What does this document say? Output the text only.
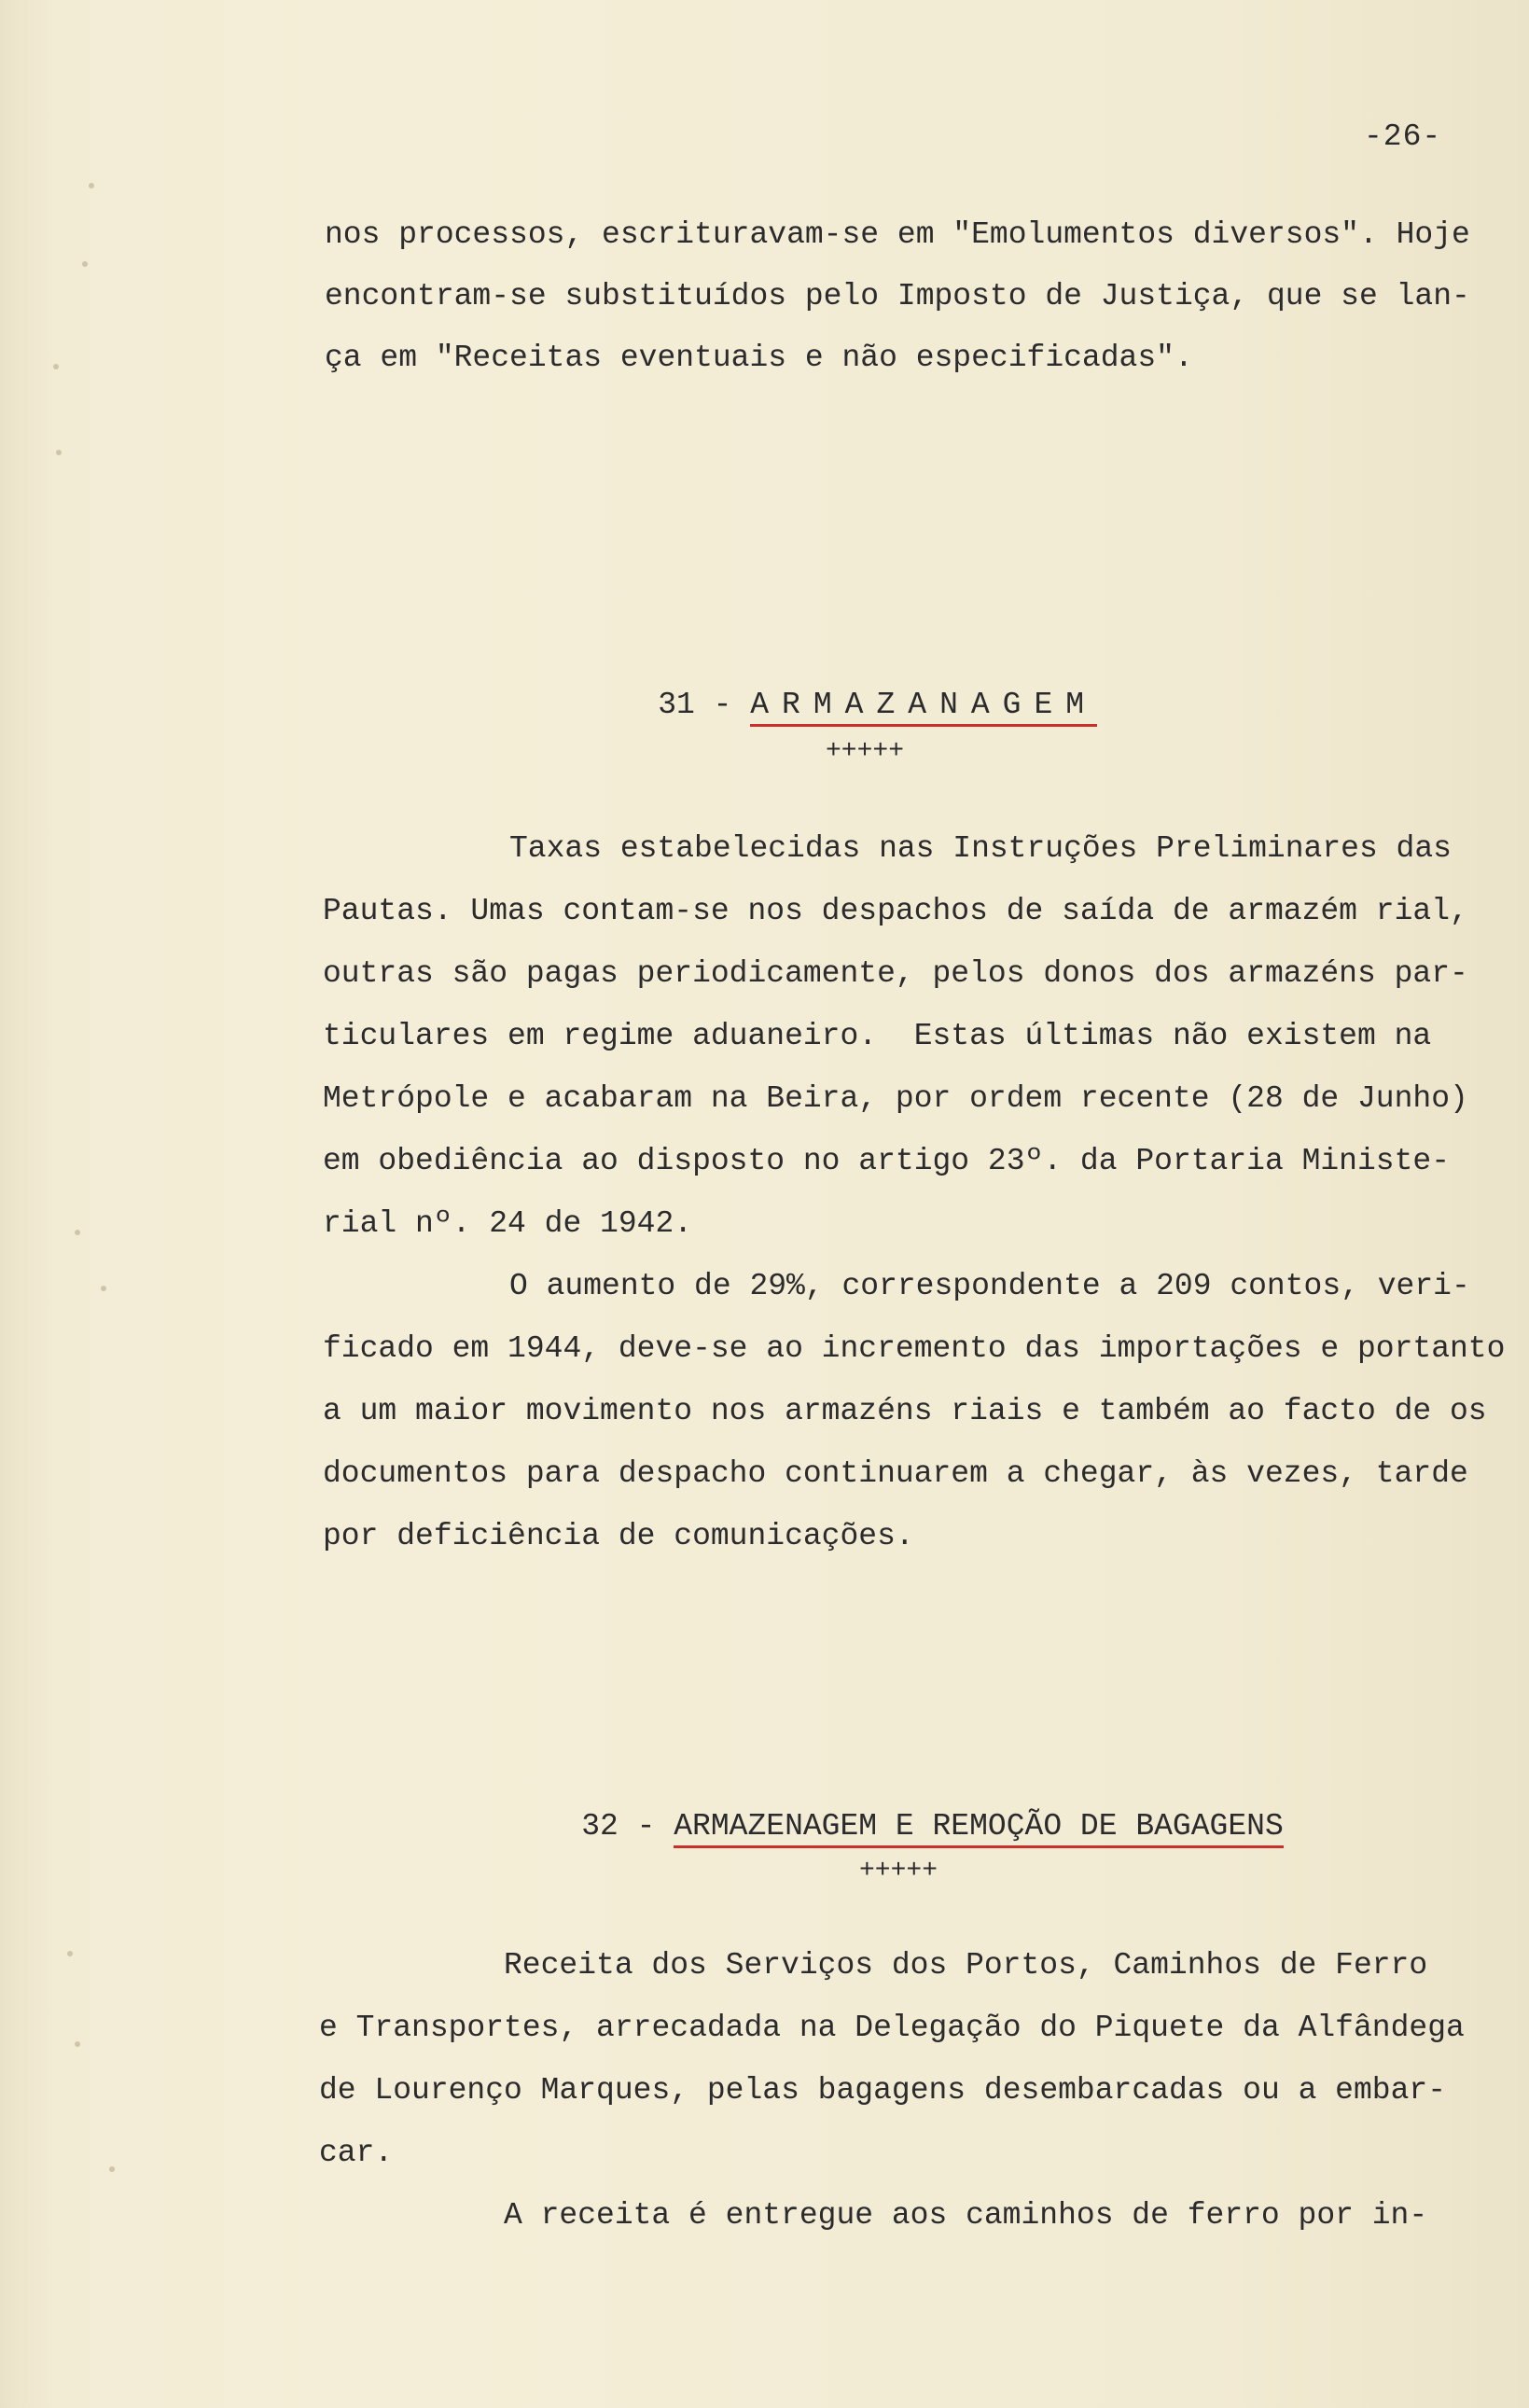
-26-
nos processos, escrituravam-se em "Emolumentos diversos". Hoje
encontram-se substituídos pelo Imposto de Justiça, que se lan-
ça em "Receitas eventuais e não especificadas".

31 - ARMAZANAGEM

+++++
Taxas estabelecidas nas Instruções Preliminares das
Pautas. Umas contam-se nos despachos de saída de armazém rial,
outras são pagas periodicamente, pelos donos dos armazéns par-
ticulares em regime aduaneiro.  Estas últimas não existem na
Metrópole e acabaram na Beira, por ordem recente (28 de Junho)
em obediência ao disposto no artigo 23º. da Portaria Ministe-
rial nº. 24 de 1942.
O aumento de 29%, correspondente a 209 contos, veri-
ficado em 1944, deve-se ao incremento das importações e portanto
a um maior movimento nos armazéns riais e também ao facto de os
documentos para despacho continuarem a chegar, às vezes, tarde
por deficiência de comunicações.

32 - ARMAZENAGEM E REMOÇÃO DE BAGAGENS

+++++
Receita dos Serviços dos Portos, Caminhos de Ferro
e Transportes, arrecadada na Delegação do Piquete da Alfândega
de Lourenço Marques, pelas bagagens desembarcadas ou a embar-
car.
A receita é entregue aos caminhos de ferro por in-
